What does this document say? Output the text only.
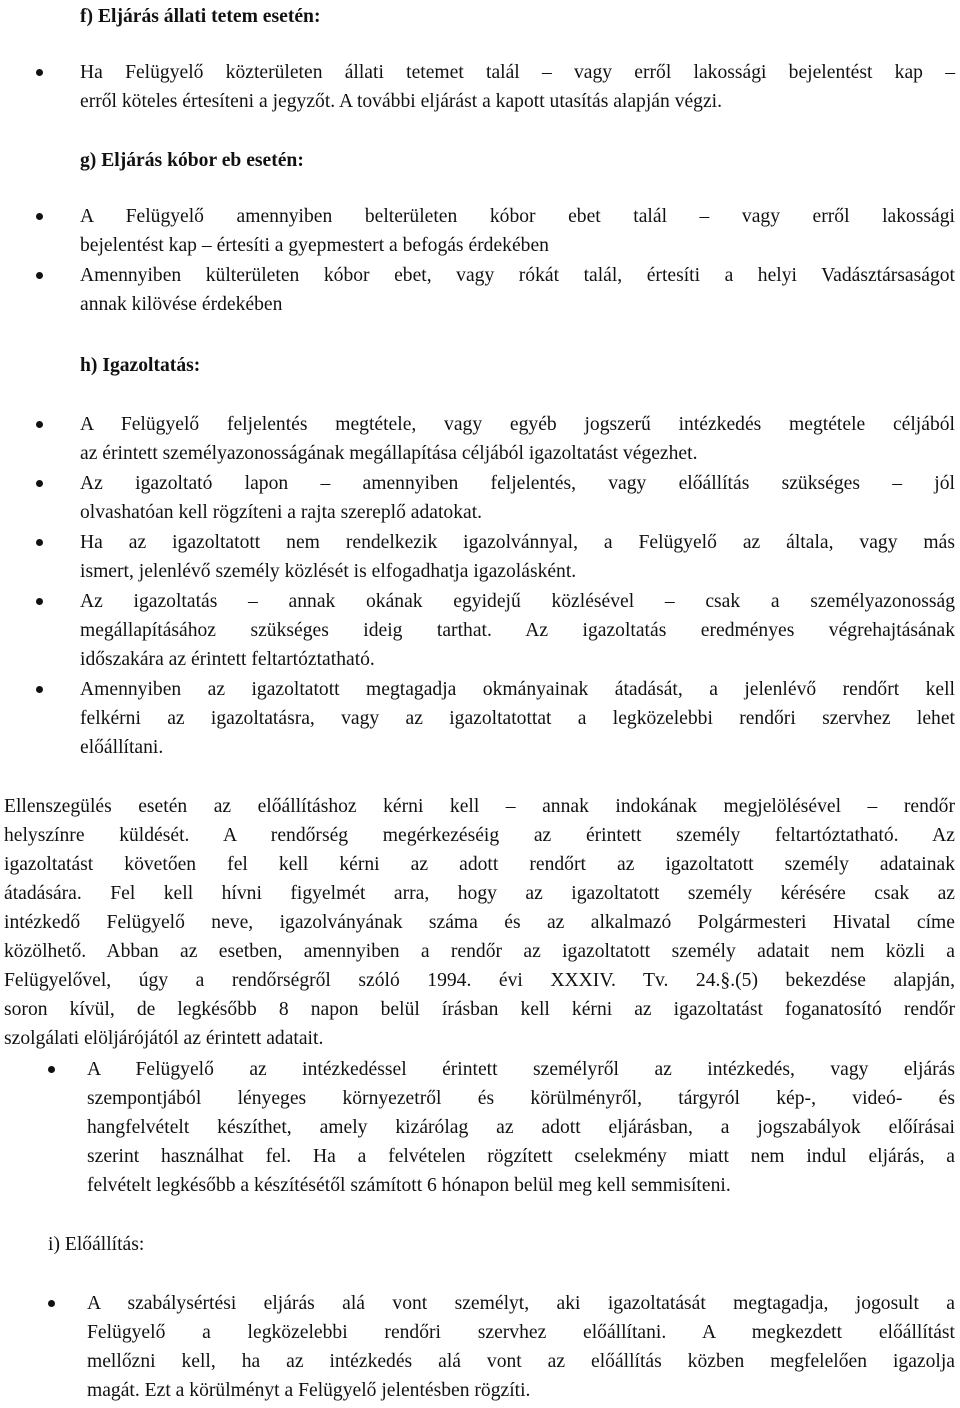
f) Eljárás állati tetem esetén:
Ha Felügyelő közterületen állati tetemet talál – vagy erről lakossági bejelentést kap –
erről köteles értesíteni a jegyzőt. A további eljárást a kapott utasítás alapján végzi.
g) Eljárás kóbor eb esetén:
A Felügyelő amennyiben belterületen kóbor ebet talál – vagy erről lakossági
bejelentést kap – értesíti a gyepmestert a befogás érdekében
Amennyiben külterületen kóbor ebet, vagy rókát talál, értesíti a helyi Vadásztársaságot
annak kilövése érdekében
h) Igazoltatás:
A Felügyelő feljelentés megtétele, vagy egyéb jogszerű intézkedés megtétele céljából
az érintett személyazonosságának megállapítása céljából igazoltatást végezhet.
Az igazoltató lapon – amennyiben feljelentés, vagy előállítás szükséges – jól
olvashatóan kell rögzíteni a rajta szereplő adatokat.
Ha az igazoltatott nem rendelkezik igazolvánnyal, a Felügyelő az általa, vagy más
ismert, jelenlévő személy közlését is elfogadhatja igazolásként.
Az igazoltatás – annak okának egyidejű közlésével – csak a személyazonosság
megállapításához szükséges ideig tarthat. Az igazoltatás eredményes végrehajtásának
időszakára az érintett feltartóztatható.
Amennyiben az igazoltatott megtagadja okmányainak átadását, a jelenlévő rendőrt kell
felkérni az igazoltatásra, vagy az igazoltatottat a legközelebbi rendőri szervhez lehet
előállítani.
Ellenszegülés esetén az előállításhoz kérni kell – annak indokának megjelölésével – rendőr
helyszínre küldését. A rendőrség megérkezéséig az érintett személy feltartóztatható. Az
igazoltatást követően fel kell kérni az adott rendőrt az igazoltatott személy adatainak
átadására. Fel kell hívni figyelmét arra, hogy az igazoltatott személy kérésére csak az
intézkedő Felügyelő neve, igazolványának száma és az alkalmazó Polgármesteri Hivatal címe
közölhető. Abban az esetben, amennyiben a rendőr az igazoltatott személy adatait nem közli a
Felügyelővel, úgy a rendőrségről szóló 1994. évi XXXIV. Tv. 24.§.(5) bekezdése alapján,
soron kívül, de legkésőbb 8 napon belül írásban kell kérni az igazoltatást foganatosító rendőr
szolgálati elöljárójától az érintett adatait.
A Felügyelő az intézkedéssel érintett személyről az intézkedés, vagy eljárás
szempontjából lényeges környezetről és körülményről, tárgyról kép-, videó- és
hangfelvételt készíthet, amely kizárólag az adott eljárásban, a jogszabályok előírásai
szerint használhat fel. Ha a felvételen rögzített cselekmény miatt nem indul eljárás, a
felvételt legkésőbb a készítésétől számított 6 hónapon belül meg kell semmisíteni.
i) Előállítás:
A szabálysértési eljárás alá vont személyt, aki igazoltatását megtagadja, jogosult a
Felügyelő a legközelebbi rendőri szervhez előállítani. A megkezdett előállítást
mellőzni kell, ha az intézkedés alá vont az előállítás közben megfelelően igazolja
magát. Ezt a körülményt a Felügyelő jelentésben rögzíti.
